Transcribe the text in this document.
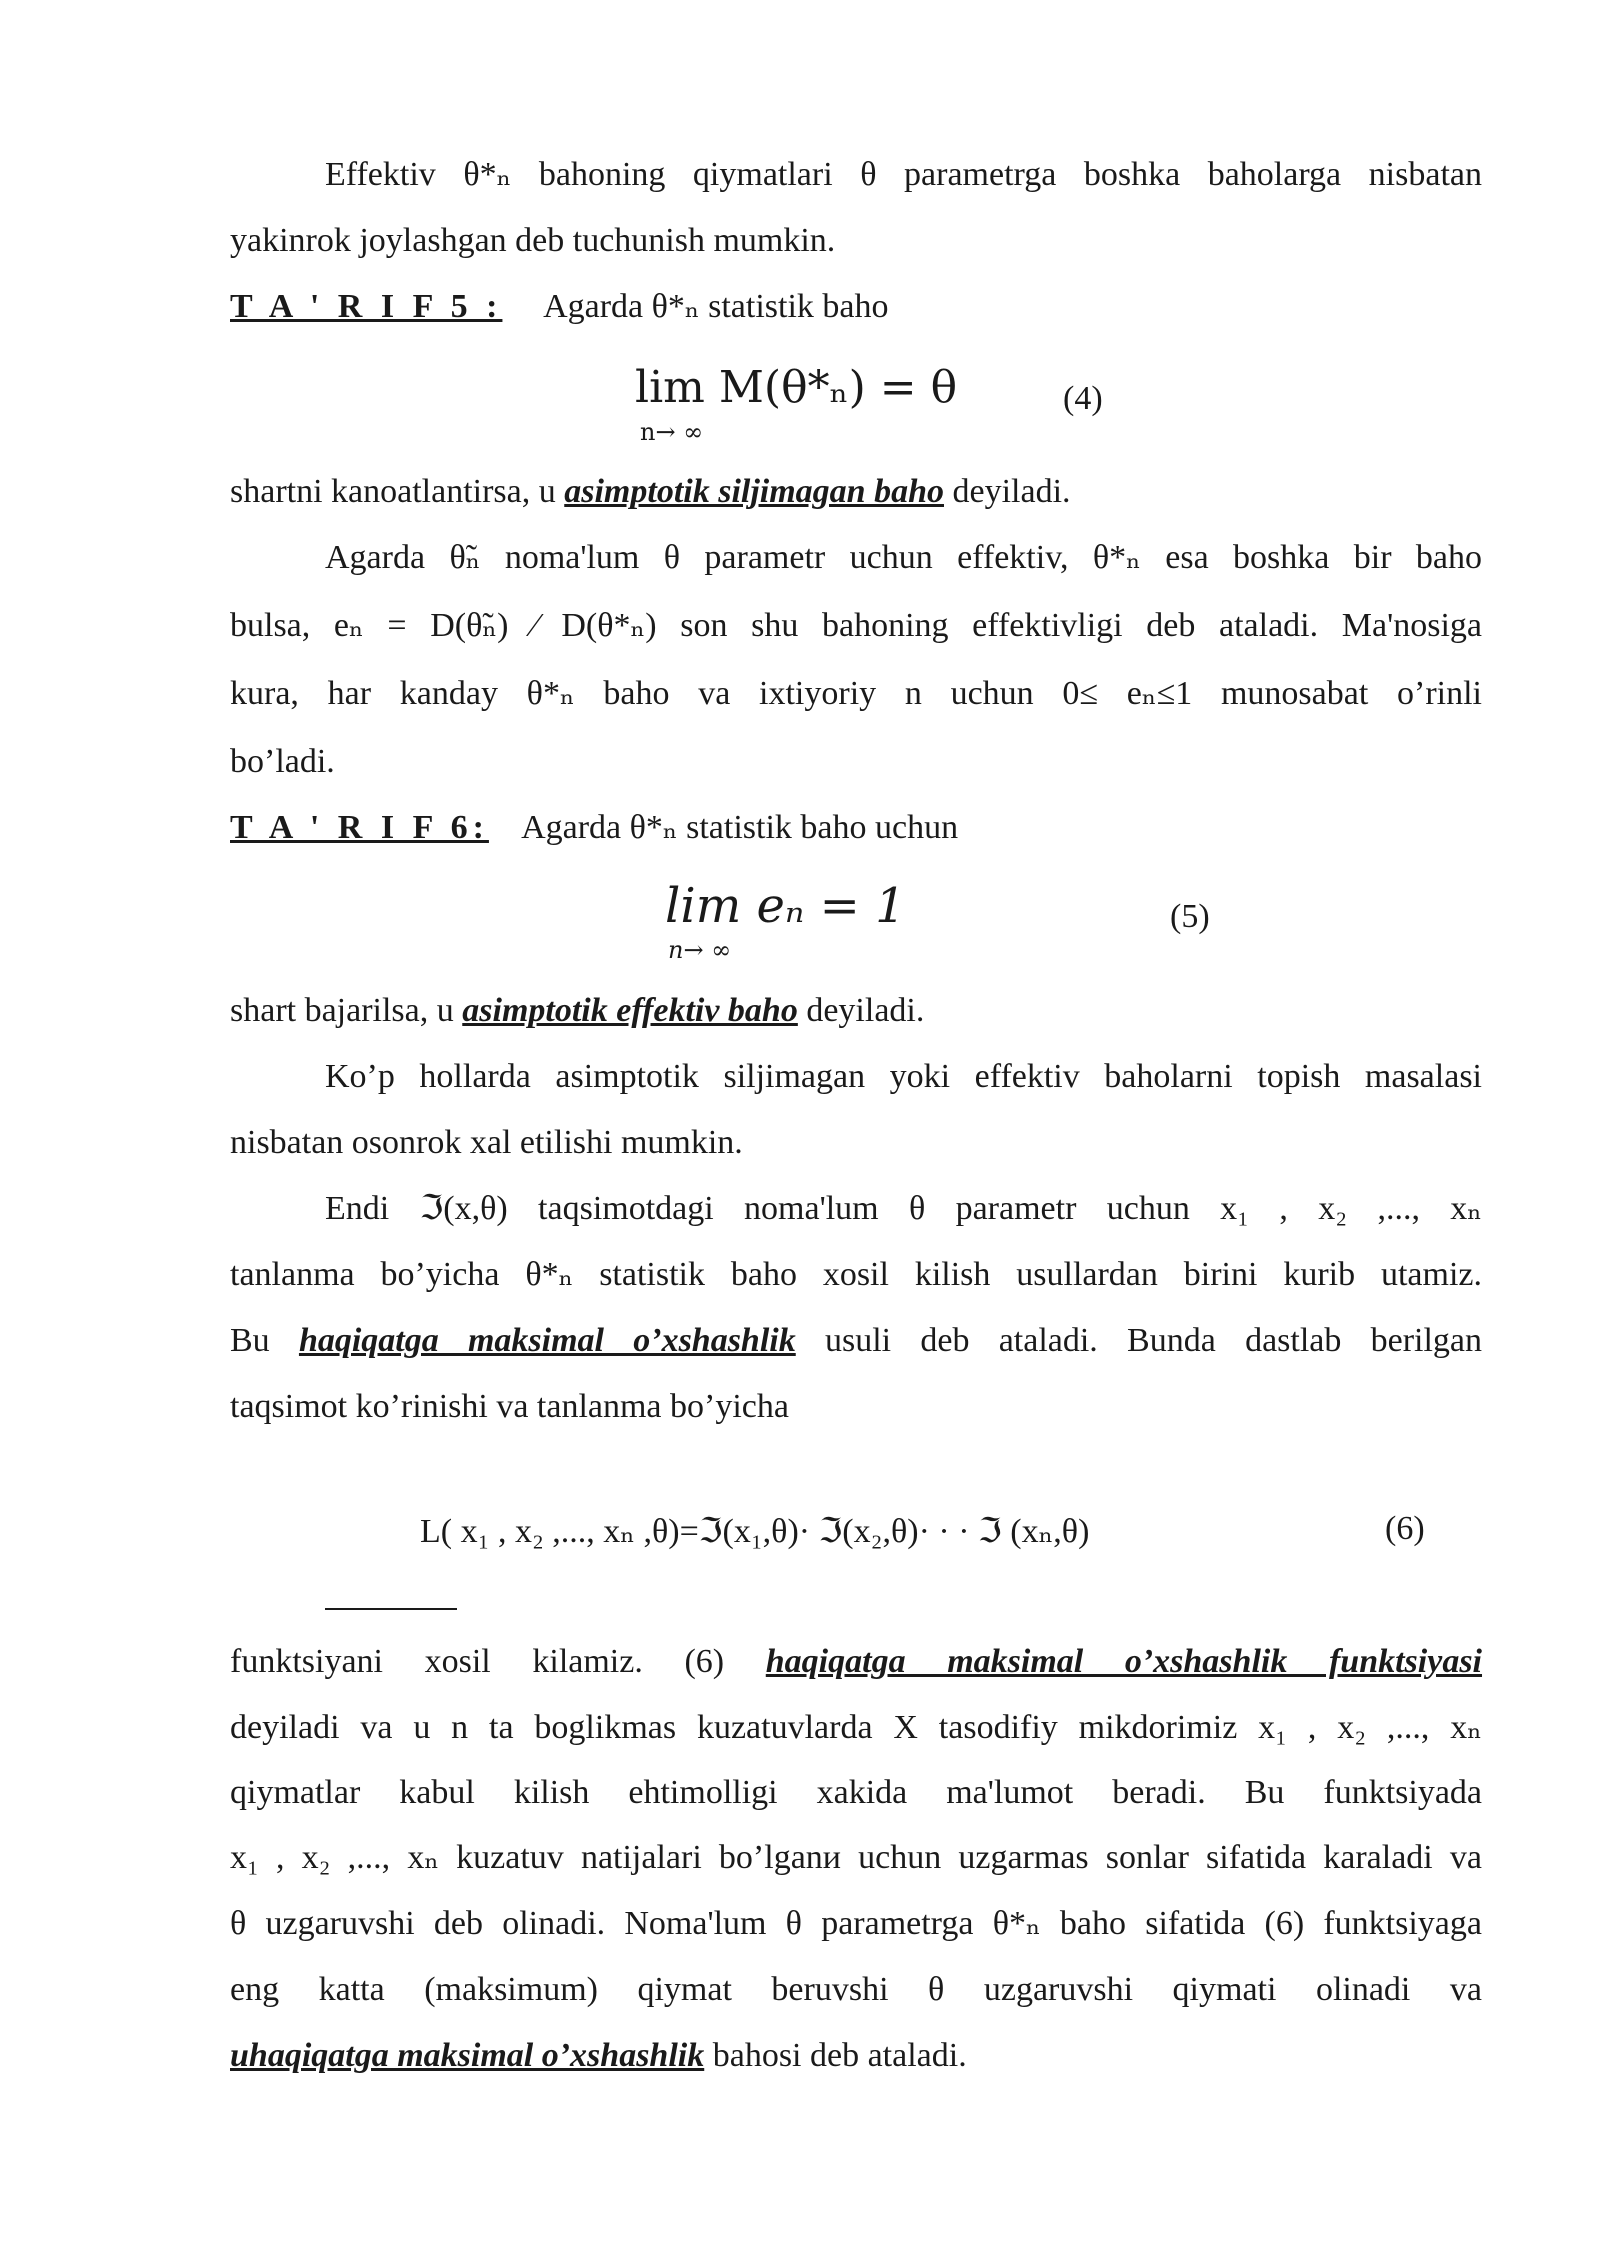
Effektiv θ*ₙ bahoning qiymatlari θ parametrga boshka baholarga nisbatan
yakinrok joylashgan deb tuchunish mumkin.
T A ' R I F 5 : Agarda θ*ₙ statistik baho
lim M(θ*ₙ) = θ
n→ ∞
(4)
shartni kanoatlantirsa, u asimptotik siljimagan baho deyiladi.
Agarda θ̃ₙ noma'lum θ parametr uchun effektiv, θ*ₙ esa boshka bir baho
bulsa, eₙ = D(θ̃ₙ) ⁄ D(θ*ₙ) son shu bahoning effektivligi deb ataladi. Ma'nosiga
kura, har kanday θ*ₙ baho va ixtiyoriy n uchun 0≤ eₙ≤1 munosabat o’rinli
bo’ladi.
T A ' R I F 6: Agarda θ*ₙ statistik baho uchun
lim eₙ = 1
n→ ∞
(5)
shart bajarilsa, u asimptotik effektiv baho deyiladi.
Ko’p hollarda asimptotik siljimagan yoki effektiv baholarni topish masalasi
nisbatan osonrok xal etilishi mumkin.
Endi ℑ(x,θ) taqsimotdagi noma'lum θ parametr uchun x₁ , x₂ ,..., xₙ
tanlanma bo’yicha θ*ₙ statistik baho xosil kilish usullardan birini kurib utamiz.
Bu haqiqatga maksimal o’xshashlik usuli deb ataladi. Bunda dastlab berilgan
taqsimot ko’rinishi va tanlanma bo’yicha
L( x₁ , x₂ ,..., xₙ ,θ)=ℑ(x₁,θ)· ℑ(x₂,θ)· · · ℑ (xₙ,θ)	(6)
funktsiyani xosil kilamiz. (6) haqiqatga maksimal o’xshashlik funktsiyasi
deyiladi va u n ta boglikmas kuzatuvlarda X tasodifiy mikdorimiz x₁ , x₂ ,..., xₙ
qiymatlar kabul kilish ehtimolligi xakida ma'lumot beradi. Bu funktsiyada
x₁ , x₂ ,..., xₙ kuzatuv natijalari bo’lganи uchun uzgarmas sonlar sifatida karaladi va
θ uzgaruvshi deb olinadi. Noma'lum θ parametrga θ*ₙ baho sifatida (6) funktsiyaga
eng katta (maksimum) qiymat beruvshi θ uzgaruvshi qiymati olinadi va
uhaqiqatga maksimal o’xshashlik bahosi deb ataladi.
